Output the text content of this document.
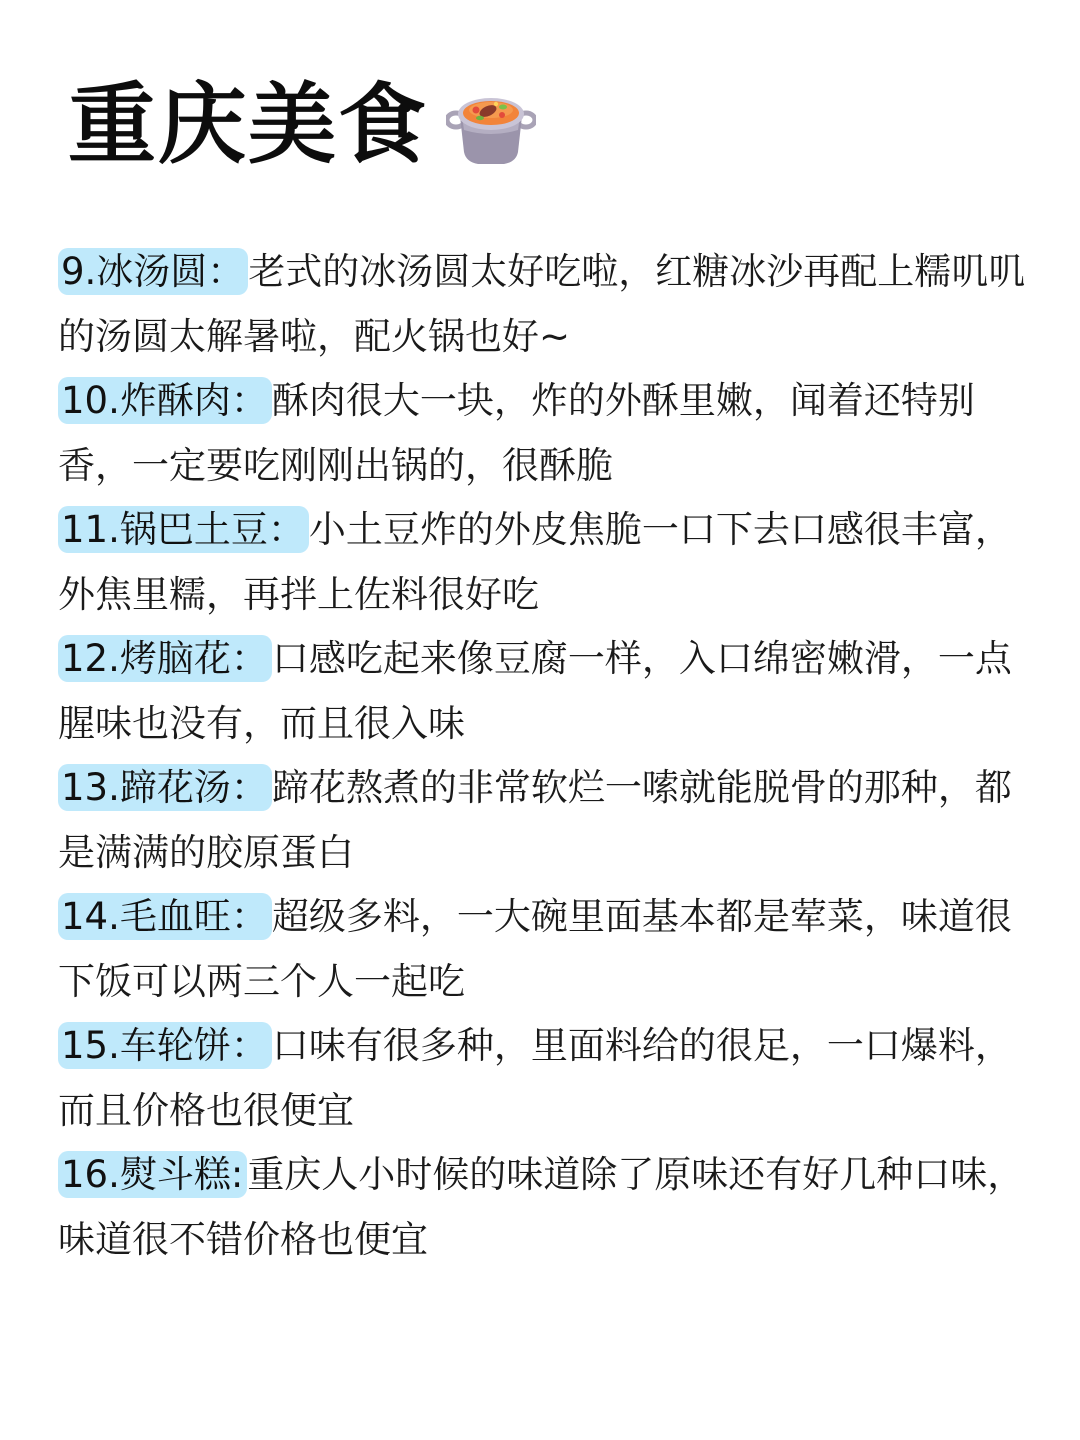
重庆美食

9.冰汤圆： 老式的冰汤圆太好吃啦，红糖冰沙再配上糯叽叽的汤圆太解暑啦，配火锅也好~

10.炸酥肉： 酥肉很大一块，炸的外酥里嫩，闻着还特别香，一定要吃刚刚出锅的，很酥脆

11.锅巴土豆： 小土豆炸的外皮焦脆一口下去口感很丰富，外焦里糯，再拌上佐料很好吃

12.烤脑花： 口感吃起来像豆腐一样，入口绵密嫩滑，一点腥味也没有，而且很入味

13.蹄花汤： 蹄花熬煮的非常软烂一嗦就能脱骨的那种，都是满满的胶原蛋白

14.毛血旺： 超级多料，一大碗里面基本都是荤菜，味道很下饭可以两三个人一起吃

15.车轮饼： 口味有很多种，里面料给的很足，一口爆料，而且价格也很便宜

16.熨斗糕: 重庆人小时候的味道除了原味还有好几种口味，味道很不错价格也便宜
